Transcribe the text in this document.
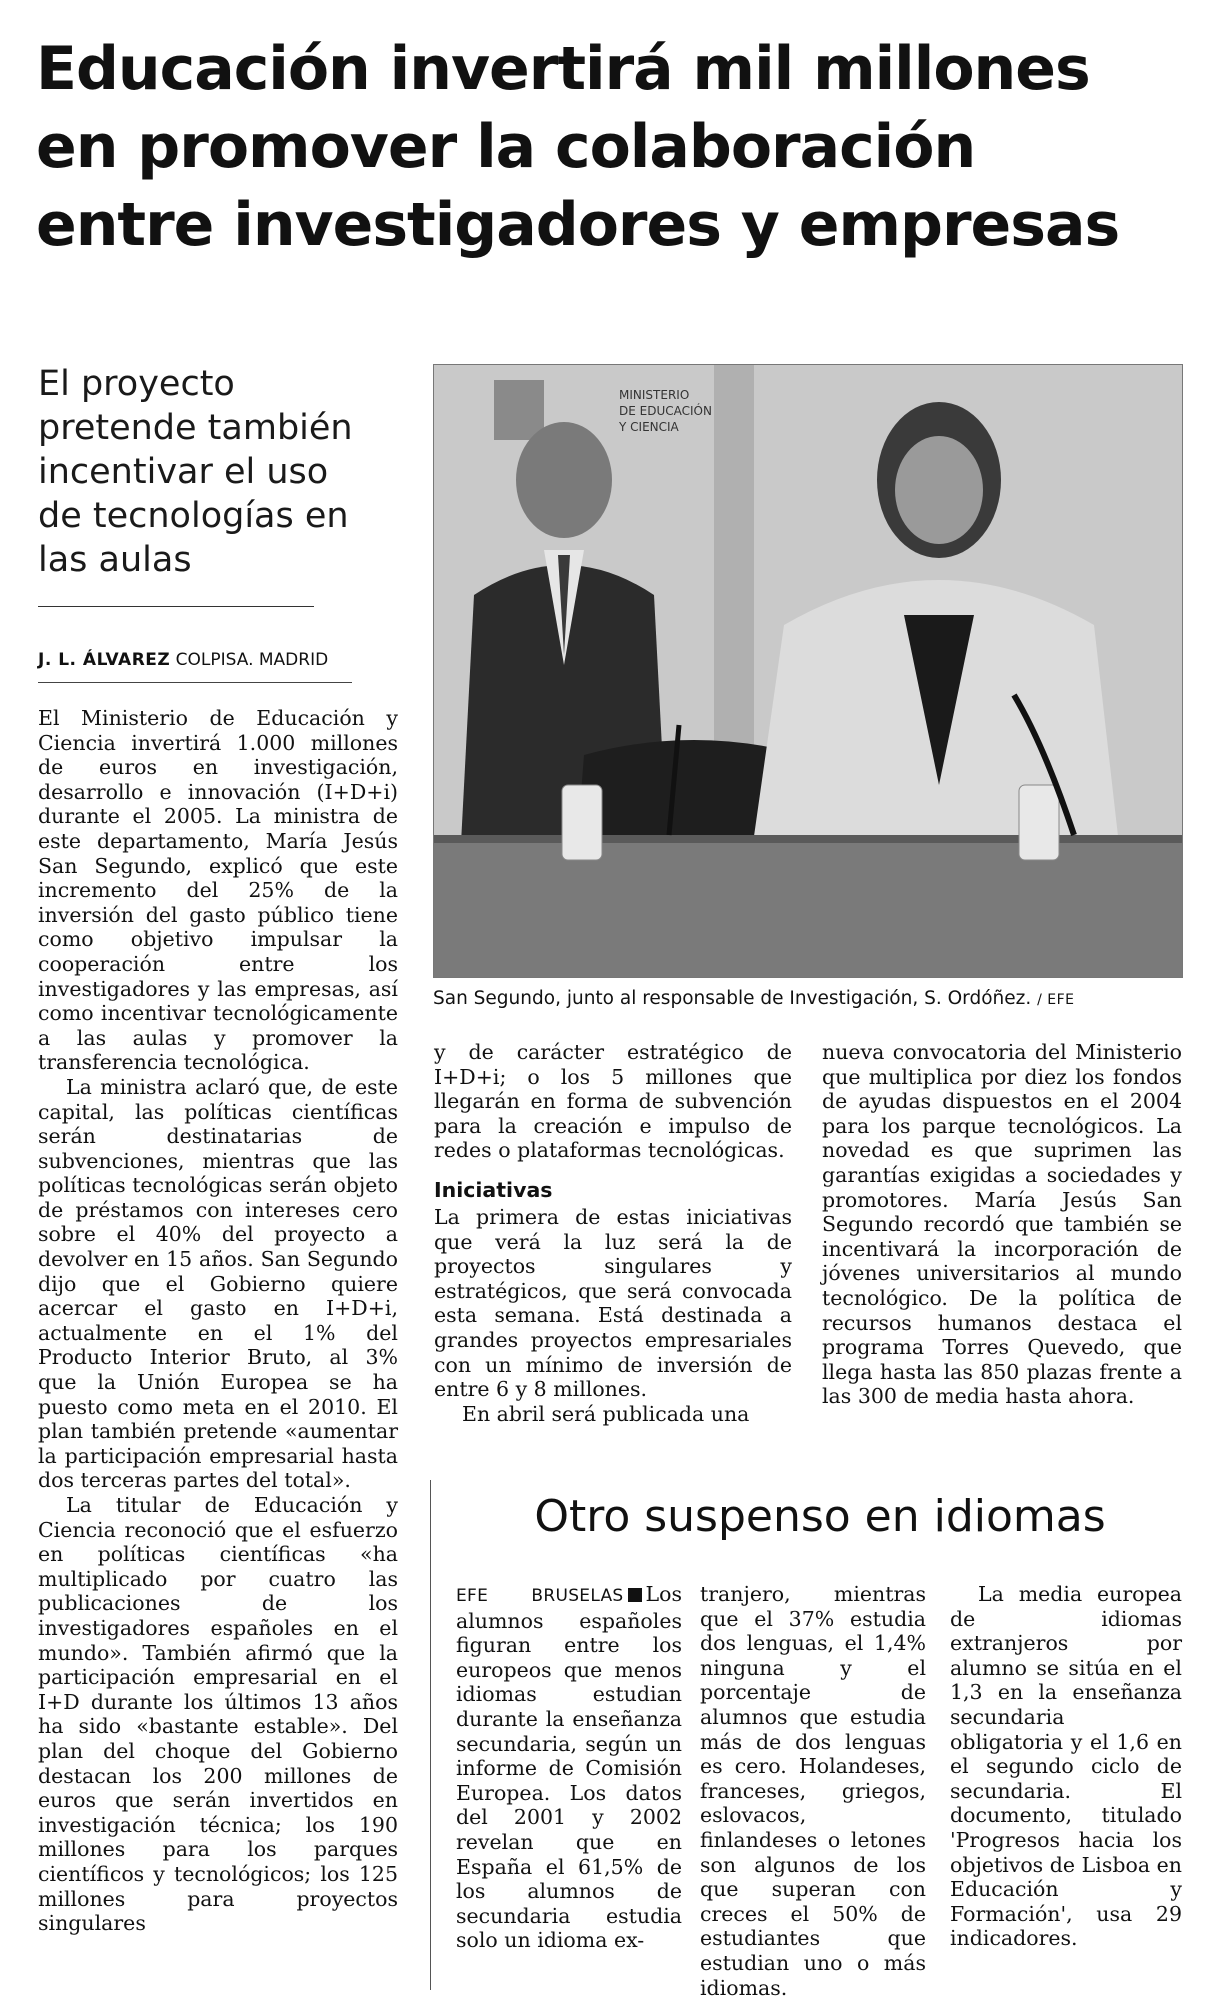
Educación invertirá mil millones
en promover la colaboración
entre investigadores y empresas
El proyecto
pretende también
incentivar el uso
de tecnologías en
las aulas
J. L. ÁLVAREZ COLPISA. MADRID
MINISTERIO
DE EDUCACIÓN
Y CIENCIA
San Segundo, junto al responsable de Investigación, S. Ordóñez. / EFE

El Ministerio de Educación y Ciencia invertirá 1.000 millones de euros en investigación, desarrollo e innovación (I+D+i) durante el 2005. La ministra de este departamento, María Jesús San Segundo, explicó que este incremento del 25% de la inversión del gasto público tiene como objetivo impulsar la cooperación entre los investigadores y las empresas, así como incentivar tecnológicamente a las aulas y promover la transferencia tecnológica.

La ministra aclaró que, de este capital, las políticas científicas serán destinatarias de subvenciones, mientras que las políticas tecnológicas serán objeto de préstamos con intereses cero sobre el 40% del proyecto a devolver en 15 años. San Segundo dijo que el Gobierno quiere acercar el gasto en I+D+i, actualmente en el 1% del Producto Interior Bruto, al 3% que la Unión Europea se ha puesto como meta en el 2010. El plan también pretende «aumentar la participación empresarial hasta dos terceras partes del total».

La titular de Educación y Ciencia reconoció que el esfuerzo en políticas científicas «ha multiplicado por cuatro las publicaciones de los investigadores españoles en el mundo». También afirmó que la participación empresarial en el I+D durante los últimos 13 años ha sido «bastante estable». Del plan del choque del Gobierno destacan los 200 millones de euros que serán invertidos en investigación técnica; los 190 millones para los parques científicos y tecnológicos; los 125 millones para proyectos singulares

y de carácter estratégico de I+D+i; o los 5 millones que llegarán en forma de subvención para la creación e impulso de redes o plataformas tecnológicas.

Iniciativas

La primera de estas iniciativas que verá la luz será la de proyectos singulares y estratégicos, que será convocada esta semana. Está destinada a grandes proyectos empresariales con un mínimo de inversión de entre 6 y 8 millones.

En abril será publicada una

nueva convocatoria del Ministerio que multiplica por diez los fondos de ayudas dispuestos en el 2004 para los parque tecnológicos. La novedad es que suprimen las garantías exigidas a sociedades y promotores. María Jesús San Segundo recordó que también se incentivará la incorporación de jóvenes universitarios al mundo tecnológico. De la política de recursos humanos destaca el programa Torres Quevedo, que llega hasta las 850 plazas frente a las 300 de media hasta ahora.

Otro suspenso en idiomas

EFE BRUSELAS Los alumnos españoles figuran entre los europeos que menos idiomas estudian durante la enseñanza secundaria, según un informe de Comisión Europea. Los datos del 2001 y 2002 revelan que en España el 61,5% de los alumnos de secundaria estudia solo un idioma ex-

tranjero, mientras que el 37% estudia dos lenguas, el 1,4% ninguna y el porcentaje de alumnos que estudia más de dos lenguas es cero. Holandeses, franceses, griegos, eslovacos, finlandeses o letones son algunos de los que superan con creces el 50% de estudiantes que estudian uno o más idiomas.

La media europea de idiomas extranjeros por alumno se sitúa en el 1,3 en la enseñanza secundaria obligatoria y el 1,6 en el segundo ciclo de secundaria. El documento, titulado 'Progresos hacia los objetivos de Lisboa en Educación y Formación', usa 29 indicadores.
